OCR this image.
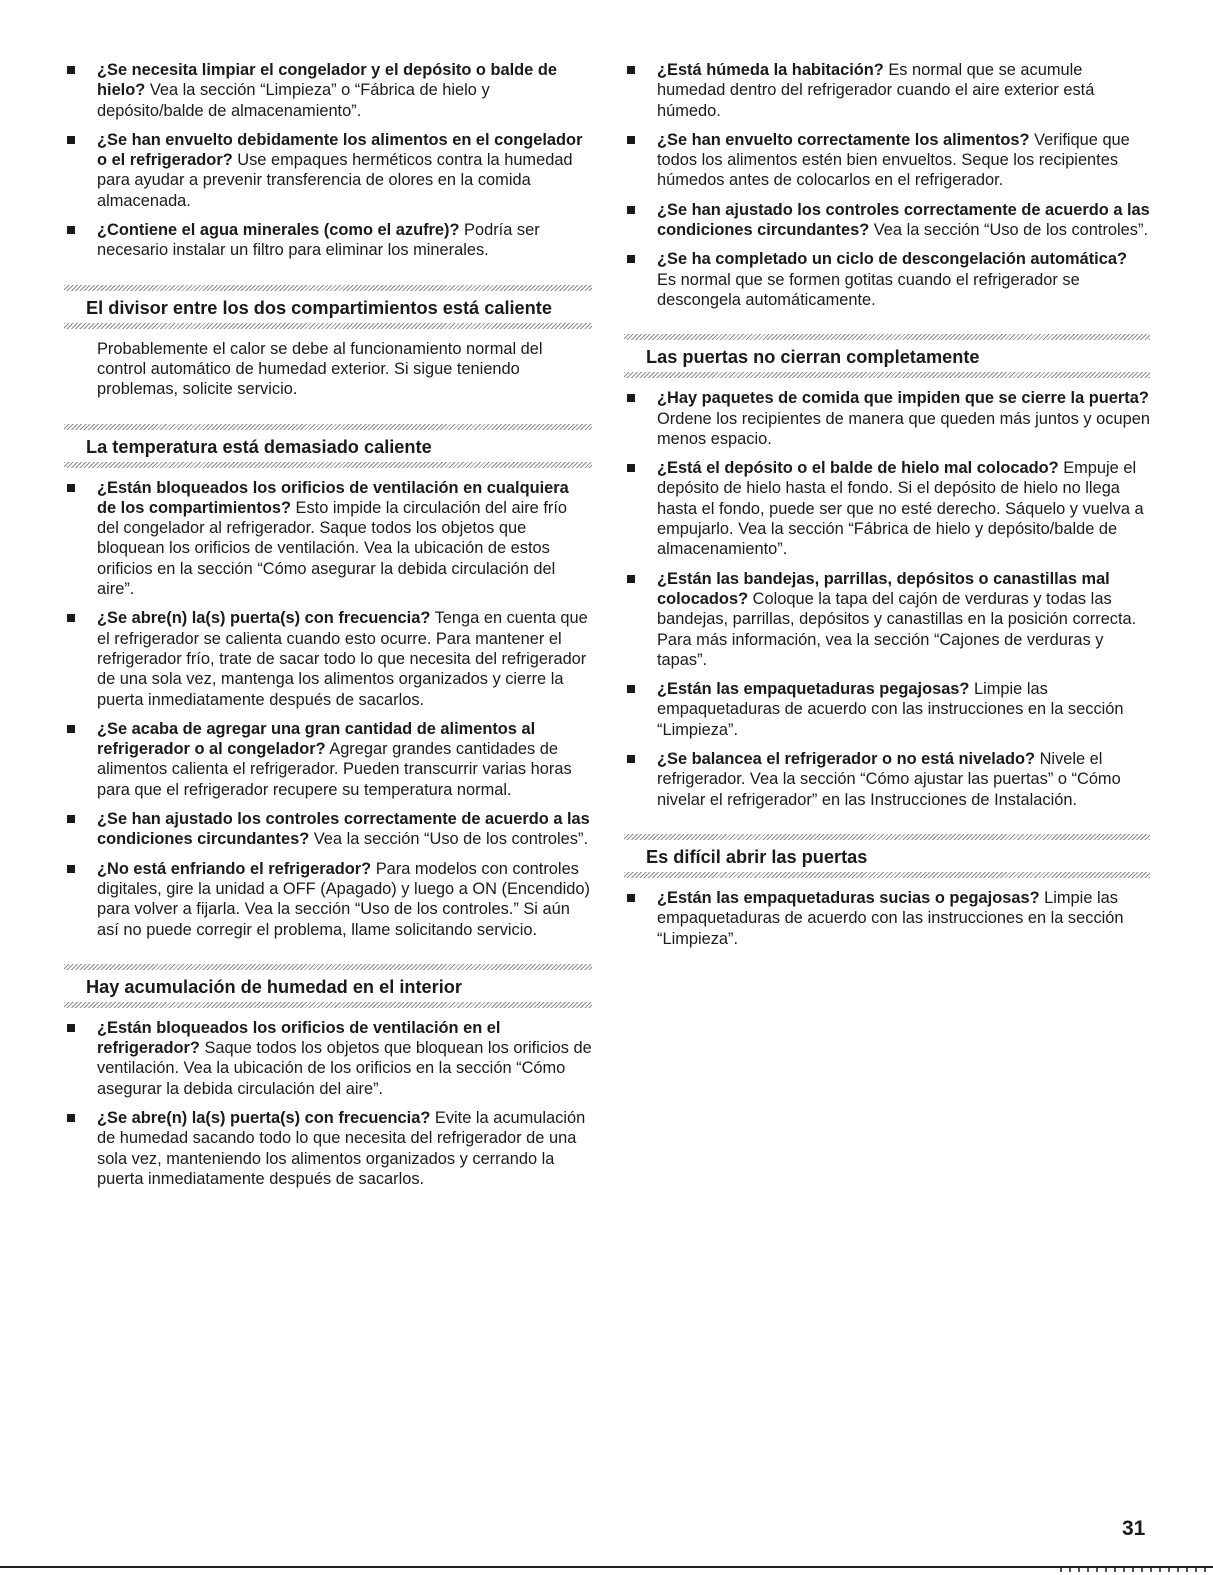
¿Se necesita limpiar el congelador y el depósito o balde de hielo? Vea la sección “Limpieza” o “Fábrica de hielo y depósito/balde de almacenamiento”.
¿Se han envuelto debidamente los alimentos en el congelador o el refrigerador? Use empaques herméticos contra la humedad para ayudar a prevenir transferencia de olores en la comida almacenada.
¿Contiene el agua minerales (como el azufre)? Podría ser necesario instalar un filtro para eliminar los minerales.
El divisor entre los dos compartimientos está caliente

Probablemente el calor se debe al funcionamiento normal del control automático de humedad exterior. Si sigue teniendo problemas, solicite servicio.

La temperatura está demasiado caliente
¿Están bloqueados los orificios de ventilación en cualquiera de los compartimientos? Esto impide la circulación del aire frío del congelador al refrigerador. Saque todos los objetos que bloquean los orificios de ventilación. Vea la ubicación de estos orificios en la sección “Cómo asegurar la debida circulación del aire”.
¿Se abre(n) la(s) puerta(s) con frecuencia? Tenga en cuenta que el refrigerador se calienta cuando esto ocurre. Para mantener el refrigerador frío, trate de sacar todo lo que necesita del refrigerador de una sola vez, mantenga los alimentos organizados y cierre la puerta inmediatamente después de sacarlos.
¿Se acaba de agregar una gran cantidad de alimentos al refrigerador o al congelador? Agregar grandes cantidades de alimentos calienta el refrigerador. Pueden transcurrir varias horas para que el refrigerador recupere su temperatura normal.
¿Se han ajustado los controles correctamente de acuerdo a las condiciones circundantes? Vea la sección “Uso de los controles”.
¿No está enfriando el refrigerador? Para modelos con controles digitales, gire la unidad a OFF (Apagado) y luego a ON (Encendido) para volver a fijarla. Vea la sección “Uso de los controles.” Si aún así no puede corregir el problema, llame solicitando servicio.
Hay acumulación de humedad en el interior
¿Están bloqueados los orificios de ventilación en el refrigerador? Saque todos los objetos que bloquean los orificios de ventilación. Vea la ubicación de los orificios en la sección “Cómo asegurar la debida circulación del aire”.
¿Se abre(n) la(s) puerta(s) con frecuencia? Evite la acumulación de humedad sacando todo lo que necesita del refrigerador de una sola vez, manteniendo los alimentos organizados y cerrando la puerta inmediatamente después de sacarlos.
¿Está húmeda la habitación? Es normal que se acumule humedad dentro del refrigerador cuando el aire exterior está húmedo.
¿Se han envuelto correctamente los alimentos? Verifique que todos los alimentos estén bien envueltos. Seque los recipientes húmedos antes de colocarlos en el refrigerador.
¿Se han ajustado los controles correctamente de acuerdo a las condiciones circundantes? Vea la sección “Uso de los controles”.
¿Se ha completado un ciclo de descongelación automática? Es normal que se formen gotitas cuando el refrigerador se descongela automáticamente.
Las puertas no cierran completamente
¿Hay paquetes de comida que impiden que se cierre la puerta? Ordene los recipientes de manera que queden más juntos y ocupen menos espacio.
¿Está el depósito o el balde de hielo mal colocado? Empuje el depósito de hielo hasta el fondo. Si el depósito de hielo no llega hasta el fondo, puede ser que no esté derecho. Sáquelo y vuelva a empujarlo. Vea la sección “Fábrica de hielo y depósito/balde de almacenamiento”.
¿Están las bandejas, parrillas, depósitos o canastillas mal colocados? Coloque la tapa del cajón de verduras y todas las bandejas, parrillas, depósitos y canastillas en la posición correcta. Para más información, vea la sección “Cajones de verduras y tapas”.
¿Están las empaquetaduras pegajosas? Limpie las empaquetaduras de acuerdo con las instrucciones en la sección “Limpieza”.
¿Se balancea el refrigerador o no está nivelado? Nivele el refrigerador. Vea la sección “Cómo ajustar las puertas” o “Cómo nivelar el refrigerador” en las Instrucciones de Instalación.
Es difícil abrir las puertas
¿Están las empaquetaduras sucias o pegajosas? Limpie las empaquetaduras de acuerdo con las instrucciones en la sección “Limpieza”.
31
